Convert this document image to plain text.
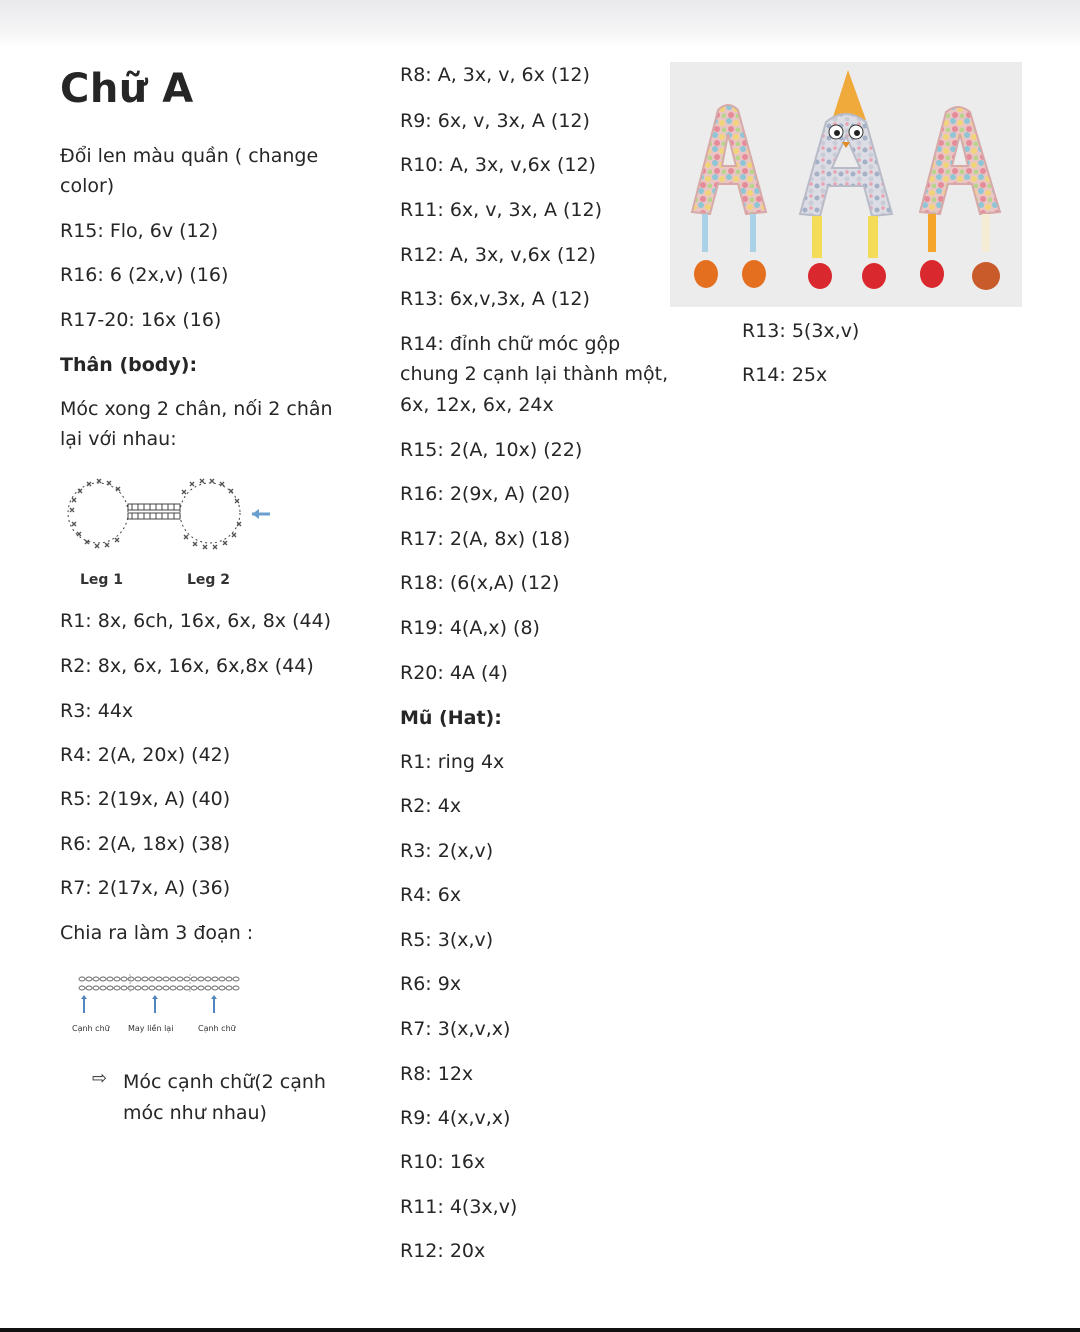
Chữ A
Đổi len màu quần ( change
color)
R15: Flo, 6v (12)
R16: 6 (2x,v) (16)
R17-20: 16x (16)
Thân (body):
Móc xong 2 chân, nối 2 chân
lại với nhau:
Leg 1	Leg 2
R1: 8x, 6ch, 16x, 6x, 8x (44)
R2: 8x, 6x, 16x, 6x,8x (44)
R3: 44x
R4: 2(A, 20x) (42)
R5: 2(19x, A) (40)
R6: 2(A, 18x) (38)
R7: 2(17x, A) (36)
Chia ra làm 3 đoạn :
Cạnh chữ May liền lại	Cạnh chữ
⇨ Móc cạnh chữ(2 cạnh
móc như nhau)
R8: A, 3x, v, 6x (12)
R9: 6x, v, 3x, A (12)
R10: A, 3x, v,6x (12)
R11: 6x, v, 3x, A (12)
R12: A, 3x, v,6x (12)
R13: 6x,v,3x, A (12)
R14: đỉnh chữ móc gộp
chung 2 cạnh lại thành một,
6x, 12x, 6x, 24x
R15: 2(A, 10x) (22)
R16: 2(9x, A) (20)
R17: 2(A, 8x) (18)
R18: (6(x,A) (12)
R19: 4(A,x) (8)
R20: 4A (4)
Mũ (Hat):
R1: ring 4x
R2: 4x
R3: 2(x,v)
R4: 6x
R5: 3(x,v)
R6: 9x
R7: 3(x,v,x)
R8: 12x
R9: 4(x,v,x)
R10: 16x
R11: 4(3x,v)
R12: 20x
R13: 5(3x,v)
R14: 25x
